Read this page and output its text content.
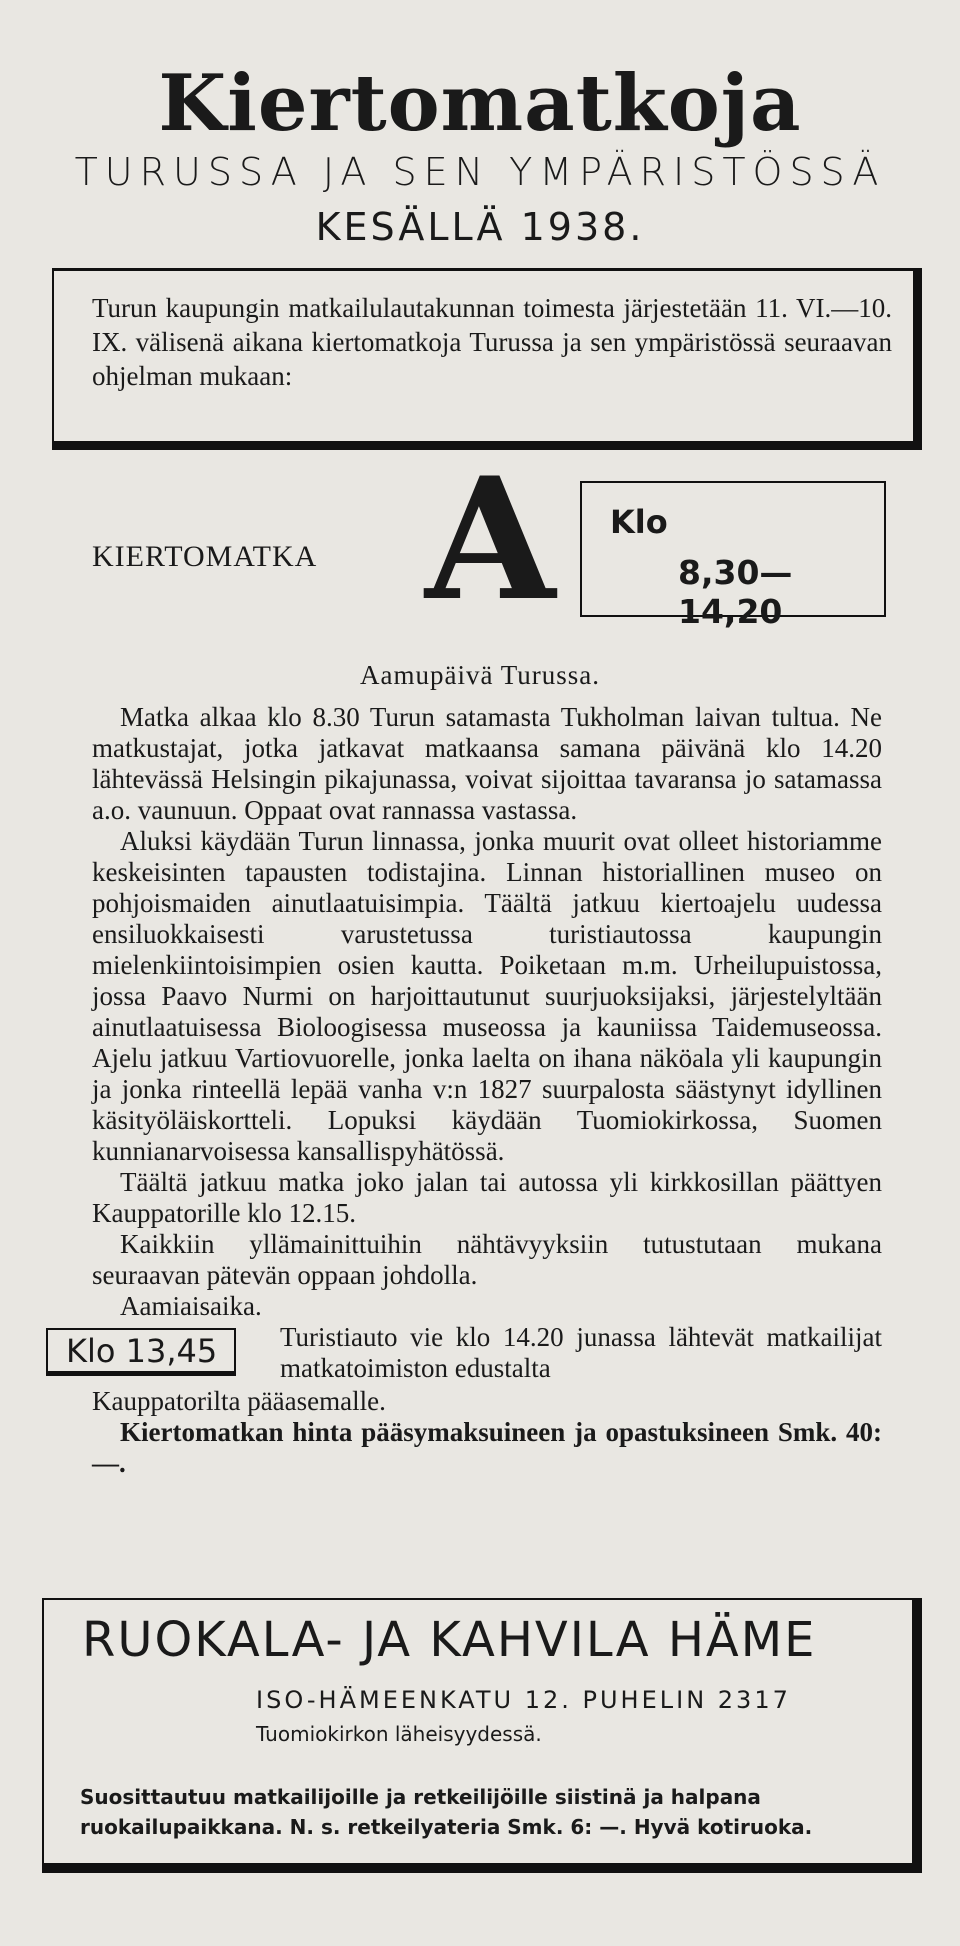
Kiertomatkoja
TURUSSA JA SEN YMPÄRISTÖSSÄ
KESÄLLÄ 1938.
Turun kaupungin matkailulautakunnan toimesta järjestetään 11. VI.—10. IX. välisenä aikana kiertomatkoja Turussa ja sen ympäristössä seuraavan ohjelman mukaan:
KIERTOMATKA A Klo
8,30—14,20
Aamupäivä Turussa.

Matka alkaa klo 8.30 Turun satamasta Tukholman laivan tultua. Ne matkustajat, jotka jatkavat matkaansa samana päivänä klo 14.20 lähtevässä Helsingin pikajunassa, voivat sijoittaa tavaransa jo satamassa a.o. vaunuun. Oppaat ovat rannassa vastassa.

Aluksi käydään Turun linnassa, jonka muurit ovat olleet historiamme keskeisinten tapausten todistajina. Linnan historiallinen museo on pohjoismaiden ainutlaatuisimpia. Täältä jatkuu kiertoajelu uudessa ensiluokkaisesti varustetussa turistiautossa kaupungin mielenkiintoisimpien osien kautta. Poiketaan m.m. Urheilupuistossa, jossa Paavo Nurmi on harjoittautunut suurjuoksijaksi, järjestelyltään ainutlaatuisessa Bioloogisessa museossa ja kauniissa Taidemuseossa. Ajelu jatkuu Vartiovuorelle, jonka laelta on ihana näköala yli kaupungin ja jonka rinteellä lepää vanha v:n 1827 suurpalosta säästynyt idyllinen käsityöläiskortteli. Lopuksi käydään Tuomiokirkossa, Suomen kunnianarvoisessa kansallispyhätössä.

Täältä jatkuu matka joko jalan tai autossa yli kirkkosillan päättyen Kauppatorille klo 12.15.

Kaikkiin yllämainittuihin nähtävyyksiin tutustutaan mukana seuraavan pätevän oppaan johdolla.

Aamiaisaika.

Klo 13,45	Turistiauto vie klo 14.20 junassa lähtevät matkailijat matkatoimiston edustalta

Kauppatorilta pääasemalle.

Kiertomatkan hinta pääsymaksuineen ja opastuksineen Smk. 40:—.

RUOKALA- JA KAHVILA HÄME
ISO-HÄMEENKATU 12. PUHELIN 2317
Tuomiokirkon läheisyydessä.
Suosittautuu matkailijoille ja retkeilijöille siistinä ja halpana ruokailupaikkana. N. s. retkeilyateria Smk. 6: —. Hyvä kotiruoka.
